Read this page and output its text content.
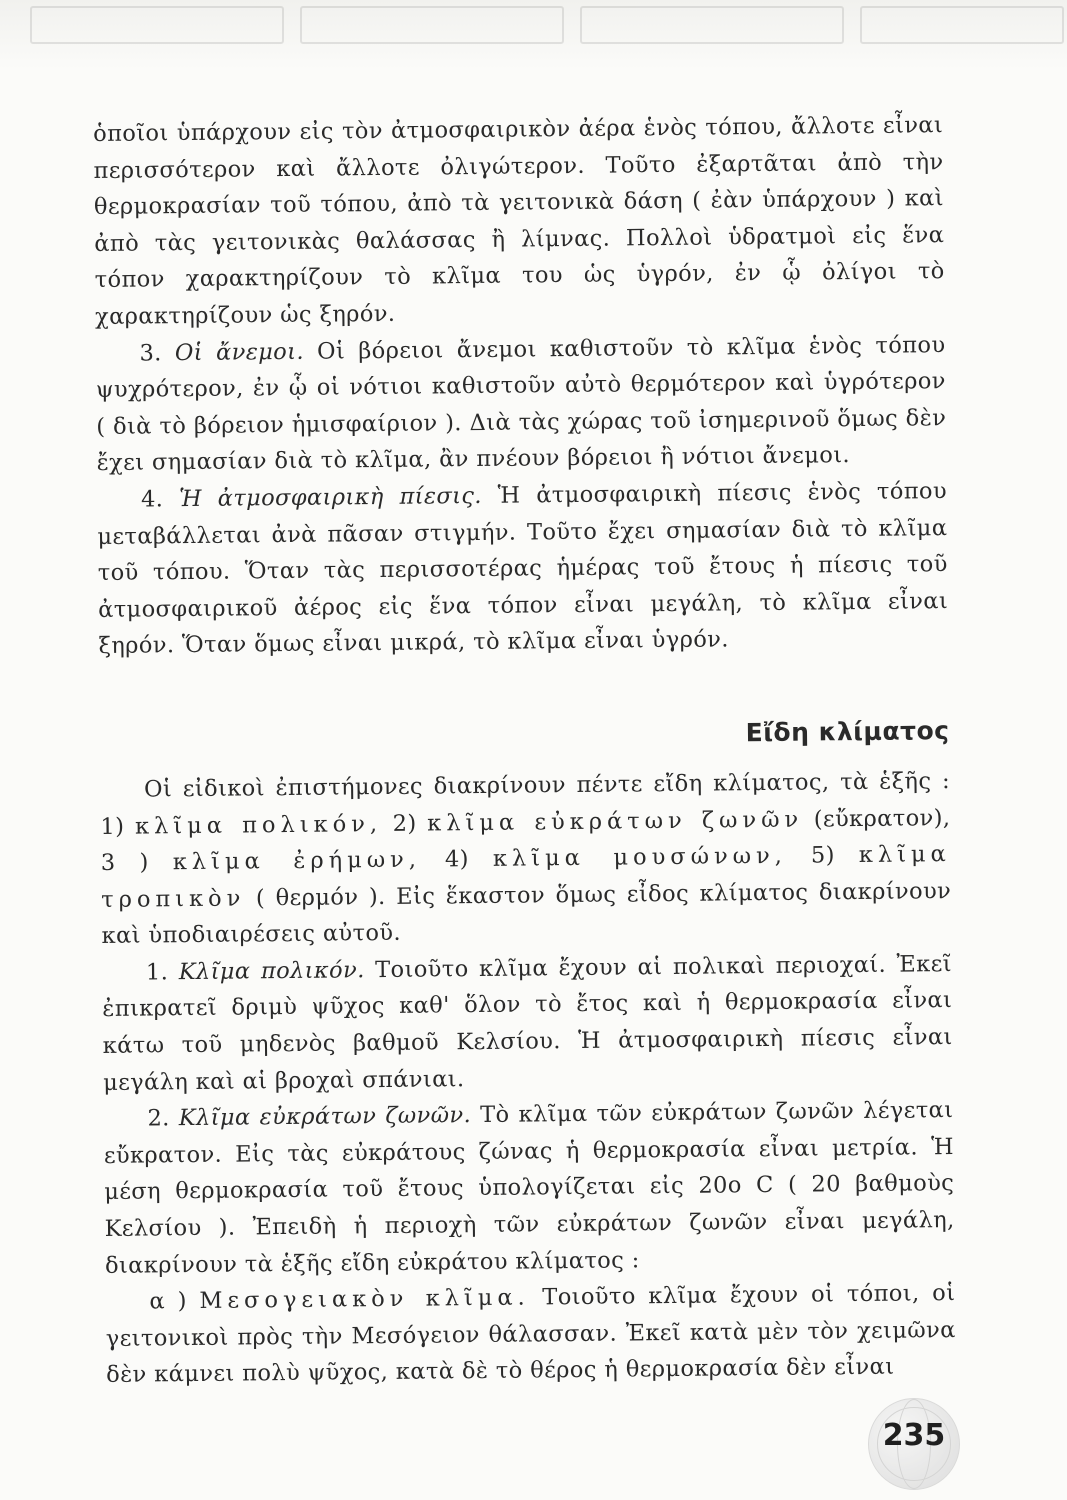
ὁποῖοι ὑπάρχουν εἰς τὸν ἀτμοσφαιρικὸν ἀέρα ἑνὸς τόπου, ἄλλοτε εἶναι περισσότερον καὶ ἄλλοτε ὀλιγώτερον. Τοῦτο ἐξαρτᾶται ἀπὸ τὴν θερμοκρασίαν τοῦ τόπου, ἀπὸ τὰ γειτονικὰ δάση ( ἐὰν ὑπάρχουν ) καὶ ἀπὸ τὰς γειτονικὰς θαλάσσας ἢ λίμνας. Πολλοὶ ὑδρατμοὶ εἰς ἕνα τόπον χαρακτηρίζουν τὸ κλῖμα του ὡς ὑγρόν, ἐν ᾧ ὀλίγοι τὸ χαρακτηρίζουν ὡς ξηρόν.

3. Οἱ ἄνεμοι. Οἱ βόρειοι ἄνεμοι καθιστοῦν τὸ κλῖμα ἑνὸς τόπου ψυχρότερον, ἐν ᾧ οἱ νότιοι καθιστοῦν αὐτὸ θερμότερον καὶ ὑγρότερον ( διὰ τὸ βόρειον ἡμισφαίριον ). Διὰ τὰς χώρας τοῦ ἰσημερινοῦ ὅμως δὲν ἔχει σημασίαν διὰ τὸ κλῖμα, ἂν πνέουν βόρειοι ἢ νότιοι ἄνεμοι.

4. Ἡ ἀτμοσφαιρικὴ πίεσις. Ἡ ἀτμοσφαιρικὴ πίεσις ἑνὸς τόπου μεταβάλλεται ἀνὰ πᾶσαν στιγμήν. Τοῦτο ἔχει σημασίαν διὰ τὸ κλῖμα τοῦ τόπου. Ὅταν τὰς περισσοτέρας ἡμέρας τοῦ ἔτους ἡ πίεσις τοῦ ἀτμοσφαιρικοῦ ἀέρος εἰς ἕνα τόπον εἶναι μεγάλη, τὸ κλῖμα εἶναι ξηρόν. Ὅταν ὅμως εἶναι μικρά, τὸ κλῖμα εἶναι ὑγρόν.

Εἴδη κλίματος

Οἱ εἰδικοὶ ἐπιστήμονες διακρίνουν πέντε εἴδη κλίματος, τὰ ἑξῆς : 1) κλῖμα πολικόν, 2) κλῖμα εὐκράτων ζωνῶν (εὔκρατον), 3 ) κλῖμα ἐρήμων, 4) κλῖμα μουσώνων, 5) κλῖμα τροπικὸν ( θερμόν ). Εἰς ἕκαστον ὅμως εἶδος κλίματος διακρίνουν καὶ ὑποδιαιρέσεις αὐτοῦ.

1. Κλῖμα πολικόν. Τοιοῦτο κλῖμα ἔχουν αἱ πολικαὶ περιοχαί. Ἐκεῖ ἐπικρατεῖ δριμὺ ψῦχος καθ' ὅλον τὸ ἔτος καὶ ἡ θερμοκρασία εἶναι κάτω τοῦ μηδενὸς βαθμοῦ Κελσίου. Ἡ ἀτμοσφαιρικὴ πίεσις εἶναι μεγάλη καὶ αἱ βροχαὶ σπάνιαι.

2. Κλῖμα εὐκράτων ζωνῶν. Τὸ κλῖμα τῶν εὐκράτων ζωνῶν λέγεται εὔκρατον. Εἰς τὰς εὐκράτους ζώνας ἡ θερμοκρασία εἶναι μετρία. Ἡ μέση θερμοκρασία τοῦ ἔτους ὑπολογίζεται εἰς 20ο C ( 20 βαθμοὺς Κελσίου ). Ἐπειδὴ ἡ περιοχὴ τῶν εὐκράτων ζωνῶν εἶναι μεγάλη, διακρίνουν τὰ ἑξῆς εἴδη εὐκράτου κλίματος :

α ) Μεσογειακὸν κλῖμα. Τοιοῦτο κλῖμα ἔχουν οἱ τόποι, οἱ γειτονικοὶ πρὸς τὴν Μεσόγειον θάλασσαν. Ἐκεῖ κατὰ μὲν τὸν χειμῶνα δὲν κάμνει πολὺ ψῦχος, κατὰ δὲ τὸ θέρος ἡ θερμοκρασία δὲν εἶναι

235
